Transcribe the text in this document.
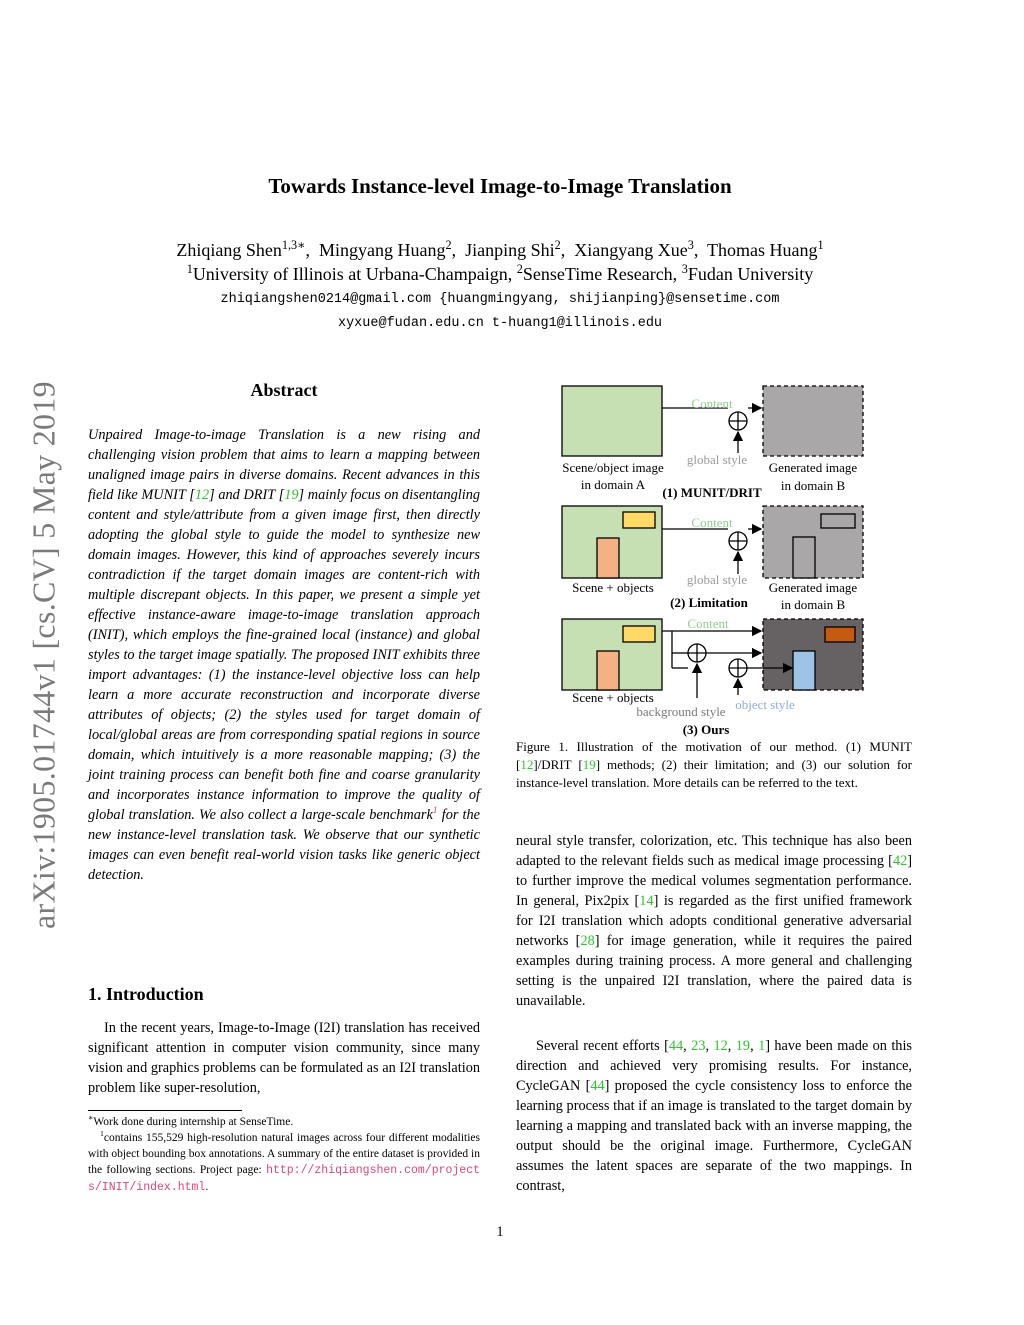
arXiv:1905.01744v1 [cs.CV] 5 May 2019
Towards Instance-level Image-to-Image Translation
Zhiqiang Shen$^{1,3∗}$,  Mingyang Huang$^2$,  Jianping Shi$^2$,  Xiangyang Xue$^3$,  Thomas Huang$^1$
$^1$University of Illinois at Urbana-Champaign, $^2$SenseTime Research, $^3$Fudan University
zhiqiangshen0214@gmail.com {huangmingyang, shijianping}@sensetime.com
xyxue@fudan.edu.cn t-huang1@illinois.edu
Abstract
Unpaired Image-to-image Translation is a new rising and challenging vision problem that aims to learn a mapping between unaligned image pairs in diverse domains. Recent advances in this field like MUNIT [12] and DRIT [19] mainly focus on disentangling content and style/attribute from a given image first, then directly adopting the global style to guide the model to synthesize new domain images. However, this kind of approaches severely incurs contradiction if the target domain images are content-rich with multiple discrepant objects. In this paper, we present a simple yet effective instance-aware image-to-image translation approach (INIT), which employs the fine-grained local (instance) and global styles to the target image spatially. The proposed INIT exhibits three import advantages: (1) the instance-level objective loss can help learn a more accurate reconstruction and incorporate diverse attributes of objects; (2) the styles used for target domain of local/global areas are from corresponding spatial regions in source domain, which intuitively is a more reasonable mapping; (3) the joint training process can benefit both fine and coarse granularity and incorporates instance information to improve the quality of global translation. We also collect a large-scale benchmark$^1$ for the new instance-level translation task. We observe that our synthetic images can even benefit real-world vision tasks like generic object detection.
1. Introduction
In the recent years, Image-to-Image (I2I) translation has received significant attention in computer vision community, since many vision and graphics problems can be formulated as an I2I translation problem like super-resolution,

∗Work done during internship at SenseTime.

$^1$contains 155,529 high-resolution natural images across four different modalities with object bounding box annotations. A summary of the entire dataset is provided in the following sections. Project page: http://zhiqiangshen.com/projects/INIT/index.html.

Content
global style
Scene/object image
in domain A
Generated image
in domain B
(1) MUNIT/DRIT
Content
global style
Scene + objects	Generated image
in domain B
(2) Limitation
Content
Scene + objects
background style object style
(3) Ours
Figure 1. Illustration of the motivation of our method. (1) MUNIT [12]/DRIT [19] methods; (2) their limitation; and (3) our solution for instance-level translation. More details can be referred to the text.
neural style transfer, colorization, etc. This technique has also been adapted to the relevant fields such as medical image processing [42] to further improve the medical volumes segmentation performance. In general, Pix2pix [14] is regarded as the first unified framework for I2I translation which adopts conditional generative adversarial networks [28] for image generation, while it requires the paired examples during training process. A more general and challenging setting is the unpaired I2I translation, where the paired data is unavailable.
Several recent efforts [44, 23, 12, 19, 1] have been made on this direction and achieved very promising results. For instance, CycleGAN [44] proposed the cycle consistency loss to enforce the learning process that if an image is translated to the target domain by learning a mapping and translated back with an inverse mapping, the output should be the original image. Furthermore, CycleGAN assumes the latent spaces are separate of the two mappings. In contrast,
1
